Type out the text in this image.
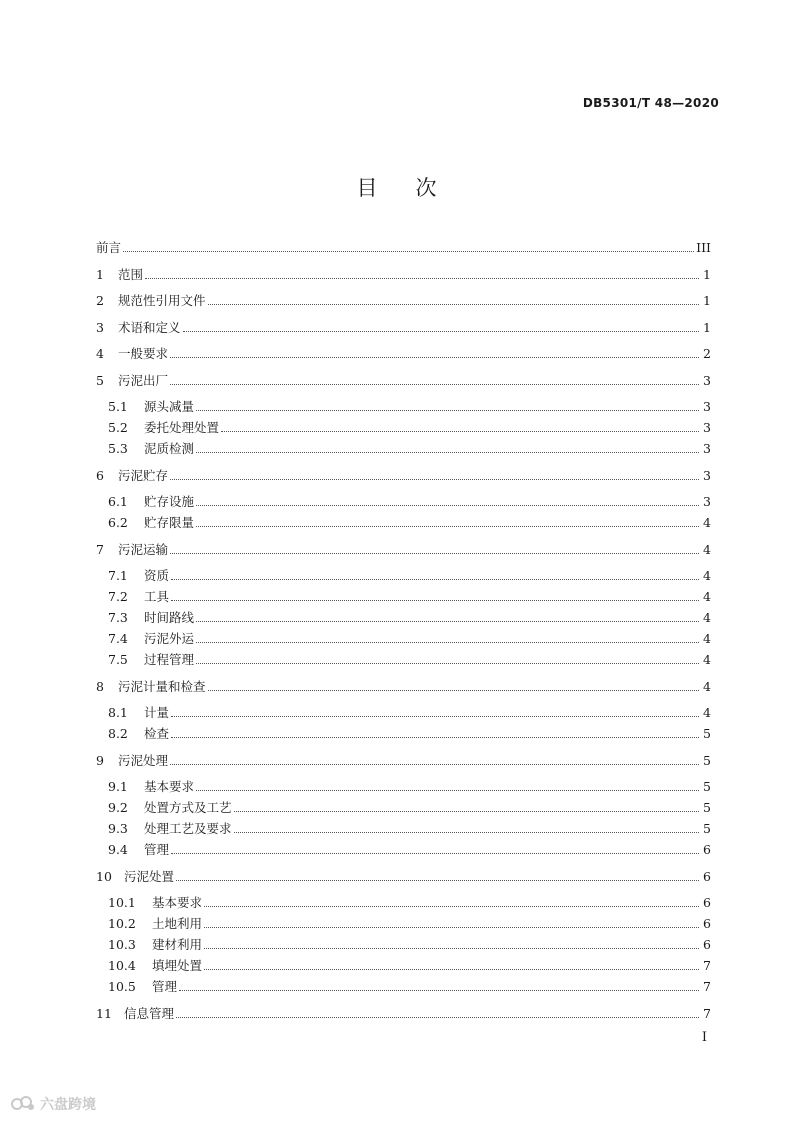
DB5301/T 48—2020
目次
前言	III
1	范围	1
2	规范性引用文件	1
3	术语和定义	1
4	一般要求	2
5	污泥出厂	3
5.1	源头减量	3
5.2	委托处理处置	3
5.3	泥质检测	3
6	污泥贮存	3
6.1	贮存设施	3
6.2	贮存限量	4
7	污泥运输	4
7.1	资质	4
7.2	工具	4
7.3	时间路线	4
7.4	污泥外运	4
7.5	过程管理	4
8	污泥计量和检查	4
8.1	计量	4
8.2	检查	5
9	污泥处理	5
9.1	基本要求	5
9.2	处置方式及工艺	5
9.3	处理工艺及要求	5
9.4	管理	6
10 污泥处置	6
10.1	基本要求	6
10.2	土地利用	6
10.3	建材利用	6
10.4	填埋处置	7
10.5	管理	7
11 信息管理	7
I
六盘跨境
